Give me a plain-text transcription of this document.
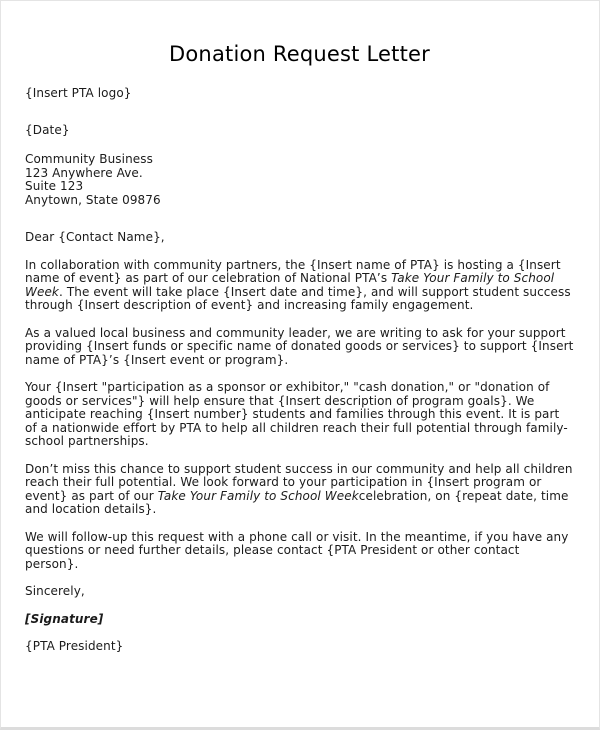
Donation Request Letter

{Insert PTA logo}

{Date}

Community Business
123 Anywhere Ave.
Suite 123
Anytown, State 09876

Dear {Contact Name},

In collaboration with community partners, the {Insert name of PTA} is hosting a {Insert name of event} as part of our celebration of National PTA’s Take Your Family to School Week. The event will take place {Insert date and time}, and will support student success through {Insert description of event} and increasing family engagement.

As a valued local business and community leader, we are writing to ask for your support providing {Insert funds or specific name of donated goods or services} to support {Insert name of PTA}’s {Insert event or program}.

Your {Insert "participation as a sponsor or exhibitor," "cash donation," or "donation of goods or services"} will help ensure that {Insert description of program goals}. We anticipate reaching {Insert number} students and families through this event. It is part of a nationwide effort by PTA to help all children reach their full potential through family-school partnerships.

Don’t miss this chance to support student success in our community and help all children reach their full potential. We look forward to your participation in {Insert program or event} as part of our Take Your Family to School Weekcelebration, on {repeat date, time and location details}.

We will follow-up this request with a phone call or visit. In the meantime, if you have any questions or need further details, please contact {PTA President or other contact person}.

Sincerely,

[Signature]

{PTA President}
